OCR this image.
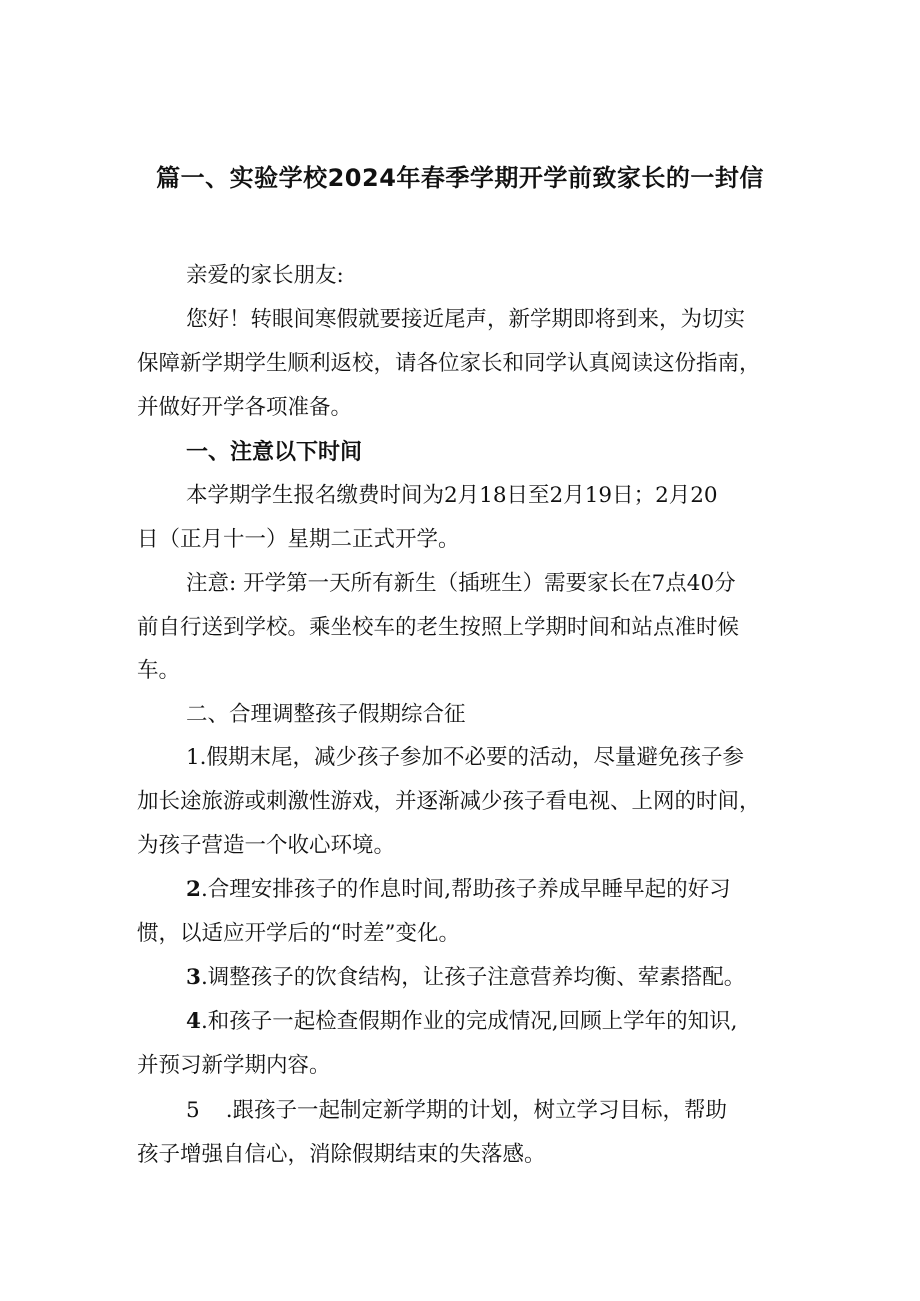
篇一、实验学校2024年春季学期开学前致家长的一封信
亲爱的家长朋友:
您好！转眼间寒假就要接近尾声，新学期即将到来，为切实
保障新学期学生顺利返校，请各位家长和同学认真阅读这份指南，
并做好开学各项准备。
一、注意以下时间
本学期学生报名缴费时间为2月18日至2月19日；2月20
日（正月十一）星期二正式开学。
注意: 开学第一天所有新生（插班生）需要家长在7点40分
前自行送到学校。乘坐校车的老生按照上学期时间和站点准时候
车。
二、合理调整孩子假期综合征
1.假期末尾，减少孩子参加不必要的活动，尽量避免孩子参
加长途旅游或刺激性游戏，并逐渐减少孩子看电视、上网的时间，
为孩子营造一个收心环境。
2.合理安排孩子的作息时间,帮助孩子养成早睡早起的好习
惯，以适应开学后的“时差”变化。
3.调整孩子的饮食结构，让孩子注意营养均衡、荤素搭配。
4.和孩子一起检查假期作业的完成情况,回顾上学年的知识,
并预习新学期内容。
5 .跟孩子一起制定新学期的计划，树立学习目标，帮助
孩子增强自信心，消除假期结束的失落感。
